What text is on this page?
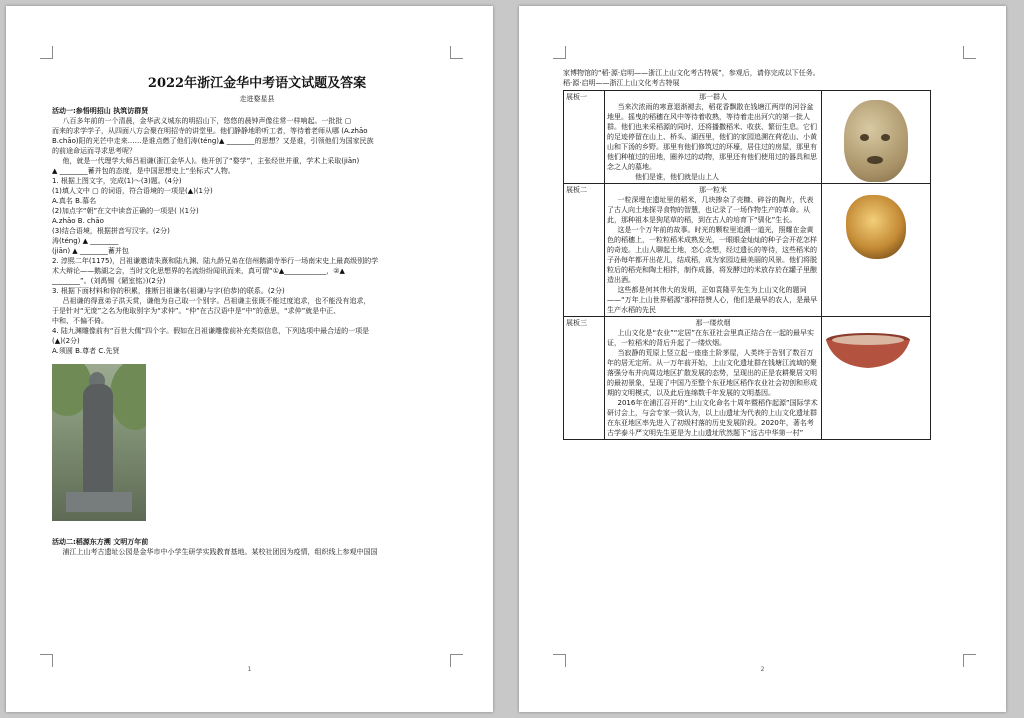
2022年浙江金华中考语文试题及答案
走进婺星县
活动一:参悟明招山 执筑访群贤

八百多年前的一个清晨，金华武义城东的明招山下，悠悠的晨钟声像往常一样响起。一批批 ▢

而来的求学学子，从四面八方会聚在明招寺的讲堂里。他们静静地聆听工者，等待着老师从哪 (A.zhāo

B.chāo)阳的光芒中走来……是谁点燃了他们涛(téng)▲ ________的思想？又是谁，引领他们为国家民族

的前途命运而寻求思考呢？

他，就是一代理学大师吕祖谦(浙江金华人)。他开创了“婺学”，主张经世并重，学术上采取(jiān)

▲ ________蓄并包的态度，是中国思想史上“坐标式”人物。

1. 根据上图文字，完成(1)～(3)题。(4分)

(1)填人文中 ▢ 的词语，符合语境的一项是(▲)(1分)

A.真名 B.慕名

(2)加点字“朝”在文中读音正确的一项是( )(1分)

A.zhāo B. chāo

(3)结合语境，根据拼音写汉字。(2分)

涛(téng) ▲ ________

(jiān) ▲ ________蓄并包

2. 淳熙二年(1175)，吕祖谦邀请朱熹和陆九渊、陆九龄兄弟在信州鹅湖寺举行一场南宋史上最高级别的学

术大辩论——鹅湖之会，当时文化思想界的名流纷纷闻讯而来，真可谓“①▲____________，②▲

________”。(刘禹锡《陋室铭》)(2分)

3. 根据下面材料和你的积累，推断吕祖谦名(祖谦)与字(伯恭)的联系。(2分)

吕祖谦的得意弟子洪天赏，谦他为自己取一个别字。吕祖谦主张既不能过度追求，也不能没有追求，

于是针对“无庞”之名为他取别字为“求仲”。“仲”在古汉语中是“中”的意思，“求仲”就是中正、

中和、不偏不倚。

4. 陆九渊雕像前有“百世大儒”四个字。假如在吕祖谦雕像前补充类似信息，下列选项中最合适的一项是

(▲)(2分)

A.须圆 B.尊者 C.先贤

活动二:稻源东方溯 文明万年前

浦江上山考古遗址公园是金华市中小学生研学实践教育基地。某校社团因为疫情，组织线上参观中国国

1

家博物馆的“稻·源·启明——浙江上山文化考古特展”，参观后，请你完成以下任务。

稻·源·启明——浙江上山文化考古特展

展板一	那一群人

当来次浓雨的寒意退渐褪去，稻花香飘散在钱塘江两岸的河谷盆地里。摇曳的稻穗在风中等待着收熟，等待着走出河穴的第一批人群。他们也来采稻源的同时，还将播撒稻米、收获、繁衍生息。它们的足迹停留在山上、桥头、湖西里，他们的家园追溯在荷花山、小黄山和下汤的乡野。那里有他们修筑过的环壕，居住过的房屋，那里有他们种植过的田地，圈养过的动物，那里还有他们使用过的器具和思念之人的墓地。

他们是谁，他们就是山上人	

展板二	那一粒米

一粒深埋在遗址里的稻米，几块掺杂了壳糠、碎谷的陶片，代表了古人向土地探寻食物的智慧，也记录了一场作物生产的革命。从此，那种祖本是狗尾草的稻，到在古人的培育下“驯化”生长。

这是一个万年前的故事。时光的颗粒里追溯一道光，照耀在金黄色的稻穗上，一粒粒稻米成熟发光，一眼眼金灿灿的种子会开花怎样的奇迹。上山人聊起土地，恋心念想，经过遗长的等待，这些稻米的子孙每年都开出花儿，结成稻，成为家园边最美丽的风景。他们将脱粒后的稻壳和陶土相拌，制作成器，将发酵过的米放存於在罐子里酿造出酒。

这些都是何其伟大的发明，正如袁隆平先生为上山文化的题词——“万年上山世界稻源”那样搭赞人心，他们是最早的农人，是最早生产水稻的先民	

展板三	那一缕炊烟

上山文化是“农业”“定居”在东亚社会里真正结合在一起的最早实证，一粒稻米的背后升起了一缕炊烟。

当寂静的荒原上竖立起一座座土阶茅屋，人类终于告别了数百万年的居无定所。从一万年前开始，上山文化遗址群在钱塘江流域的聚落强分布并向周边地区扩散发展的态势，呈现出的正是农耕聚居文明的最初景象，呈现了中国乃至整个东亚地区稻作农业社会初创和形成期的文明模式，以及此后连绵数千年发展的文明基因。

2016年在浦江召开的“上山文化命名十周年暨稻作起源”国际学术研讨会上，与会专家一致认为，以上山遗址为代表的上山文化遗址群在东亚地区率先进入了初级村落的历史发展阶段。2020年，著名考古学泰斗严文明先生更是为上山遗址欣然题下“远古中华第一村”

2
